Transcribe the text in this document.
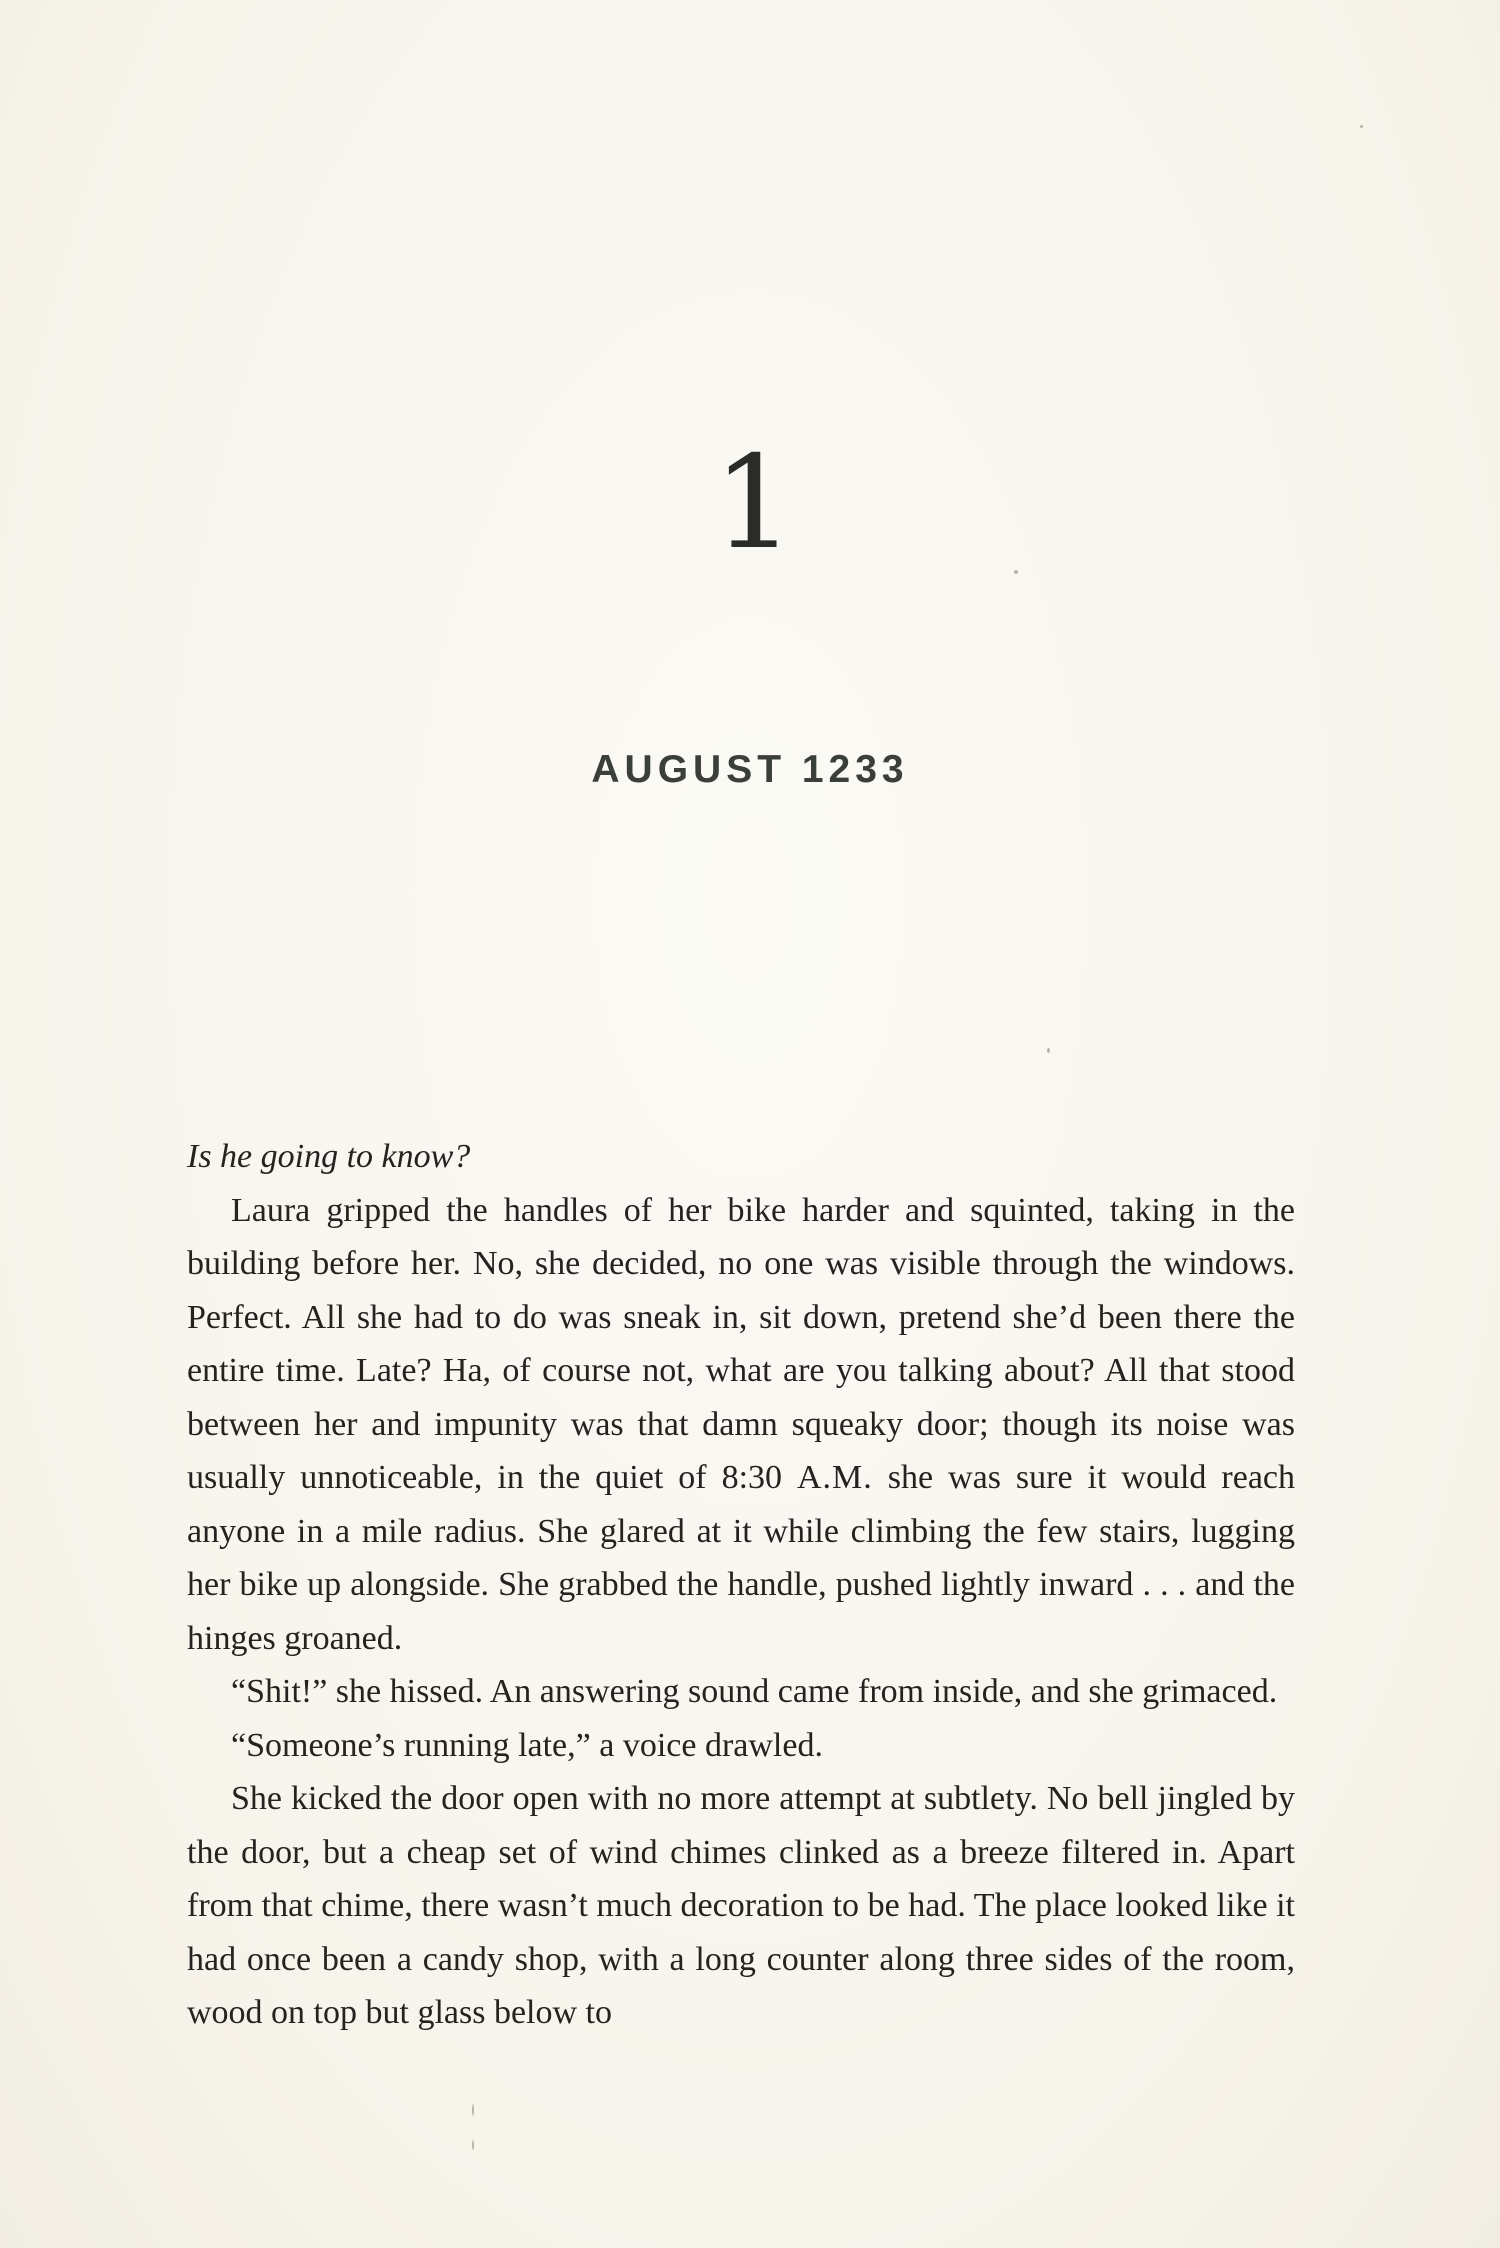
1
AUGUST 1233

Is he going to know?

Laura gripped the handles of her bike harder and squinted, taking in the building before her. No, she decided, no one was visible through the windows. Perfect. All she had to do was sneak in, sit down, pretend she’d been there the entire time. Late? Ha, of course not, what are you talking about? All that stood between her and impunity was that damn squeaky door; though its noise was usually unnoticeable, in the quiet of 8:30 A.M. she was sure it would reach anyone in a mile radius. She glared at it while climbing the few stairs, lugging her bike up alongside. She grabbed the handle, pushed lightly inward . . . and the hinges groaned.

“Shit!” she hissed. An answering sound came from inside, and she grimaced.

“Someone’s running late,” a voice drawled.

She kicked the door open with no more attempt at subtlety. No bell jingled by the door, but a cheap set of wind chimes clinked as a breeze filtered in. Apart from that chime, there wasn’t much decoration to be had. The place looked like it had once been a candy shop, with a long counter along three sides of the room, wood on top but glass below to
